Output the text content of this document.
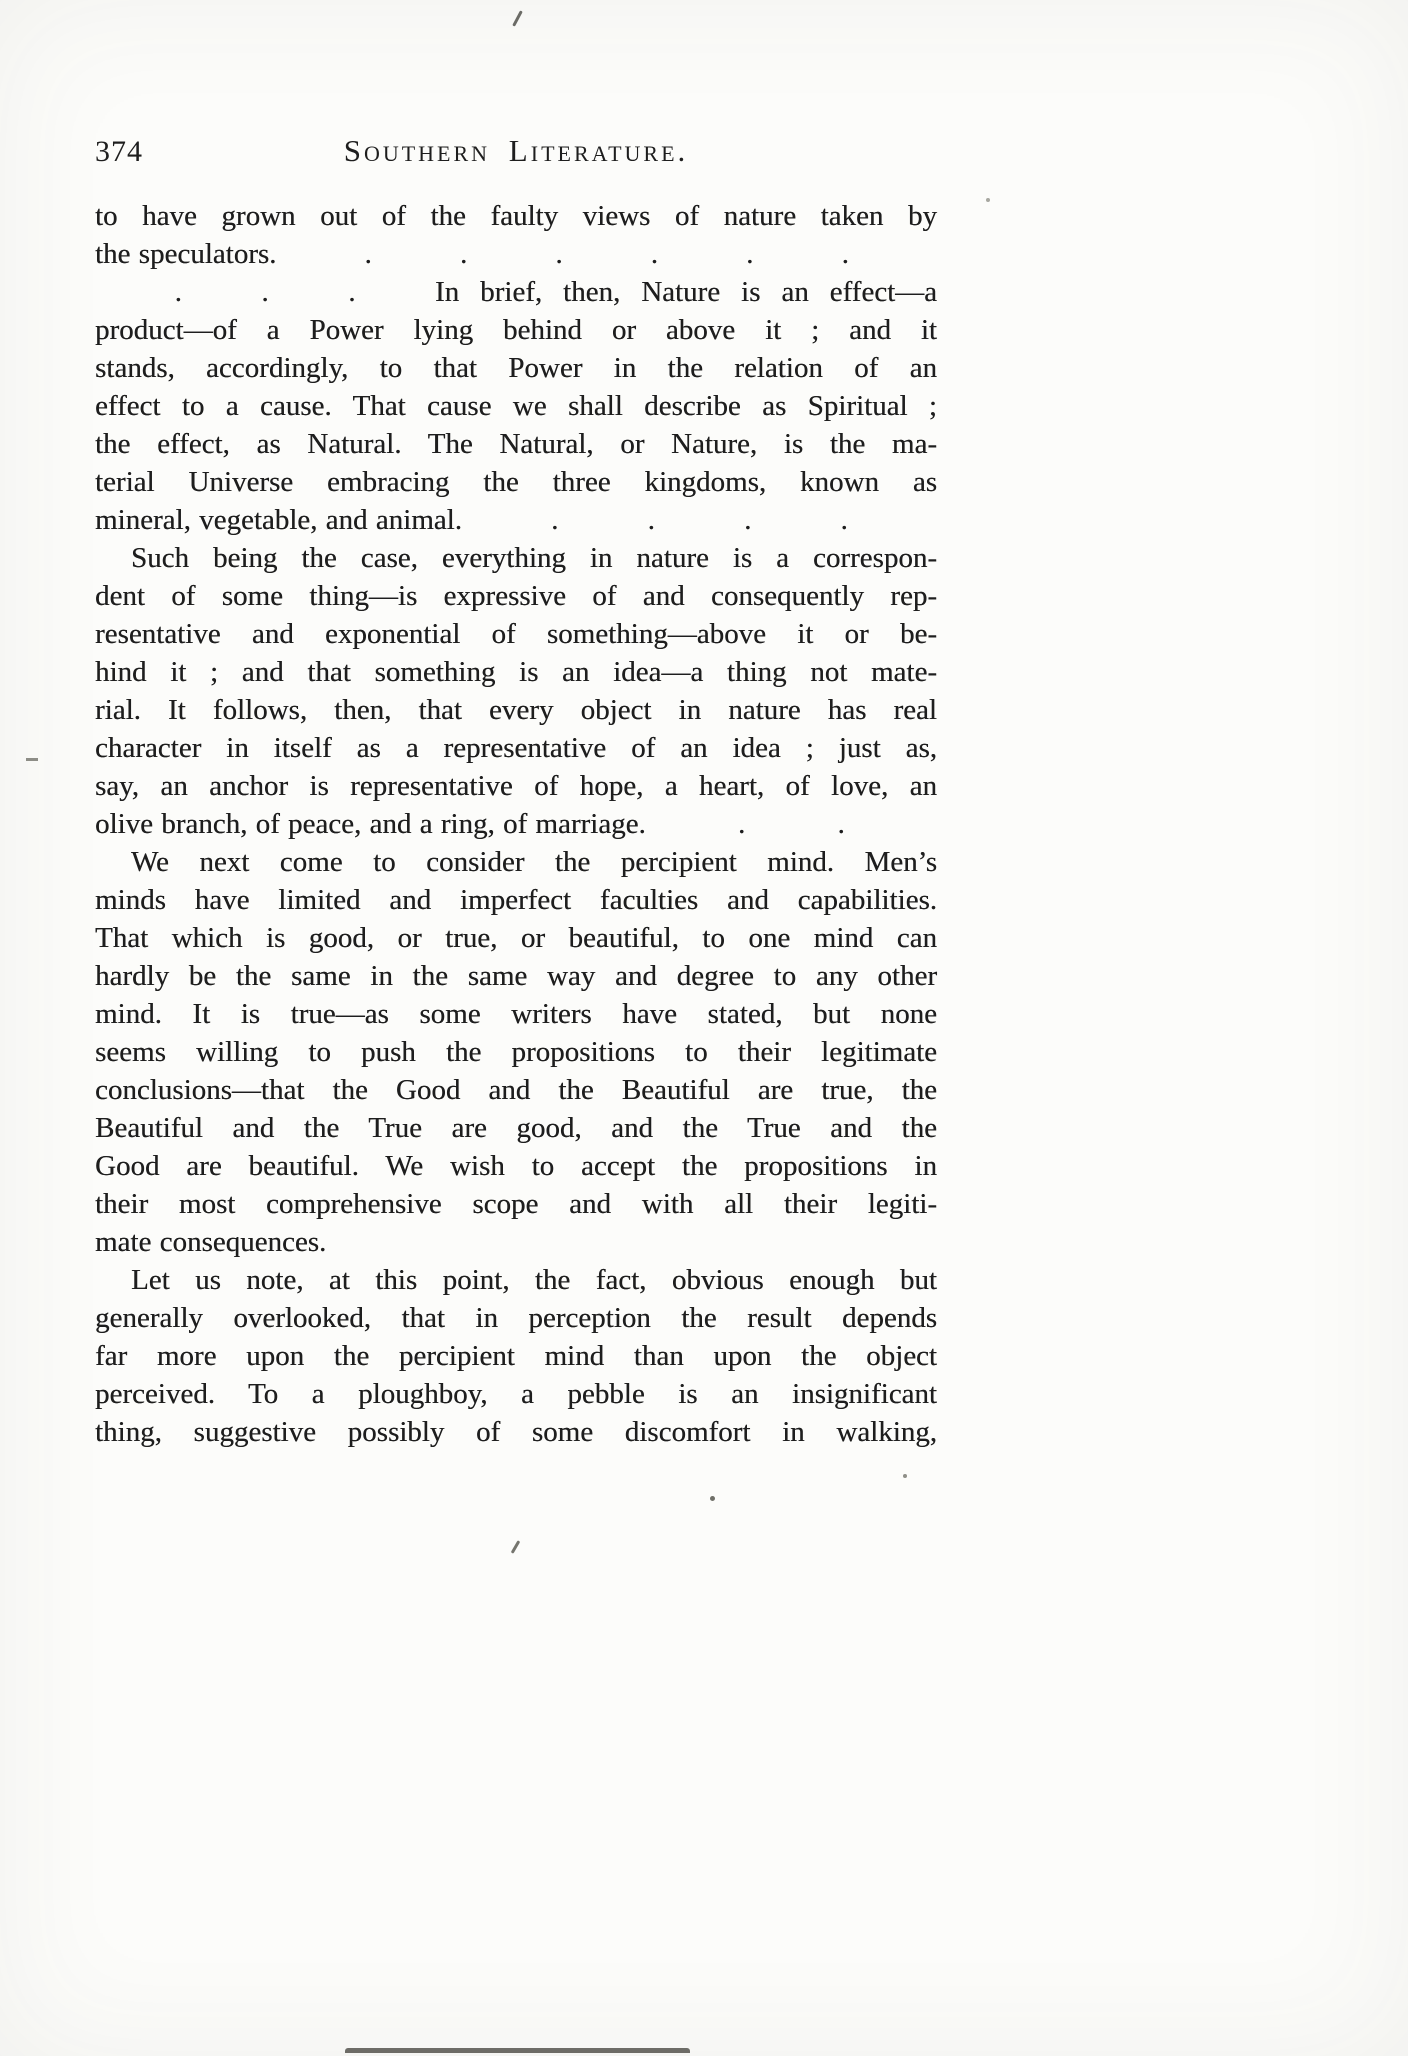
374	Southern Literature.
to have grown out of the faulty views of nature taken by
the speculators.	.	.	.	.	.	.
.	.	.	In brief, then, Nature is an effect—a
product—of a Power lying behind or above it ; and it
stands, accordingly, to that Power in the relation of an
effect to a cause. That cause we shall describe as Spiritual ;
the effect, as Natural. The Natural, or Nature, is the ma-
terial Universe embracing the three kingdoms, known as
mineral, vegetable, and animal.	.	.	.	.
Such being the case, everything in nature is a correspon-
dent of some thing—is expressive of and consequently rep-
resentative and exponential of something—above it or be-
hind it ; and that something is an idea—a thing not mate-
rial. It follows, then, that every object in nature has real
character in itself as a representative of an idea ; just as,
say, an anchor is representative of hope, a heart, of love, an
olive branch, of peace, and a ring, of marriage.	.	.
We next come to consider the percipient mind. Men’s
minds have limited and imperfect faculties and capabilities.
That which is good, or true, or beautiful, to one mind can
hardly be the same in the same way and degree to any other
mind. It is true—as some writers have stated, but none
seems willing to push the propositions to their legitimate
conclusions—that the Good and the Beautiful are true, the
Beautiful and the True are good, and the True and the
Good are beautiful. We wish to accept the propositions in
their most comprehensive scope and with all their legiti-
mate consequences.
Let us note, at this point, the fact, obvious enough but
generally overlooked, that in perception the result depends
far more upon the percipient mind than upon the object
perceived. To a ploughboy, a pebble is an insignificant
thing, suggestive possibly of some discomfort in walking,
